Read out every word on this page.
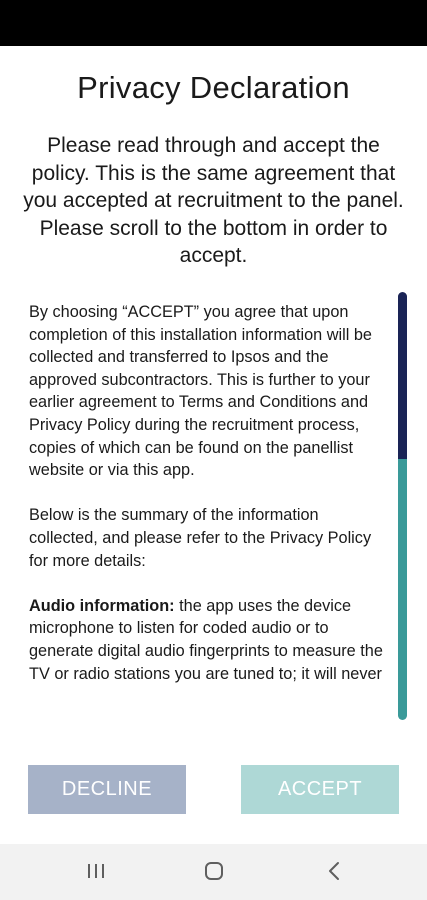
Privacy Declaration
Please read through and accept the policy. This is the same agreement that you accepted at recruitment to the panel. Please scroll to the bottom in order to accept.

By choosing “ACCEPT” you agree that upon completion of this installation information will be collected and transferred to Ipsos and the approved subcontractors. This is further to your earlier agreement to Terms and Conditions and Privacy Policy during the recruitment process, copies of which can be found on the panellist website or via this app.

Below is the summary of the information collected, and please refer to the Privacy Policy for more details:

Audio information: the app uses the device microphone to listen for coded audio or to generate digital audio fingerprints to measure the TV or radio stations you are tuned to; it will never

DECLINE	ACCEPT
